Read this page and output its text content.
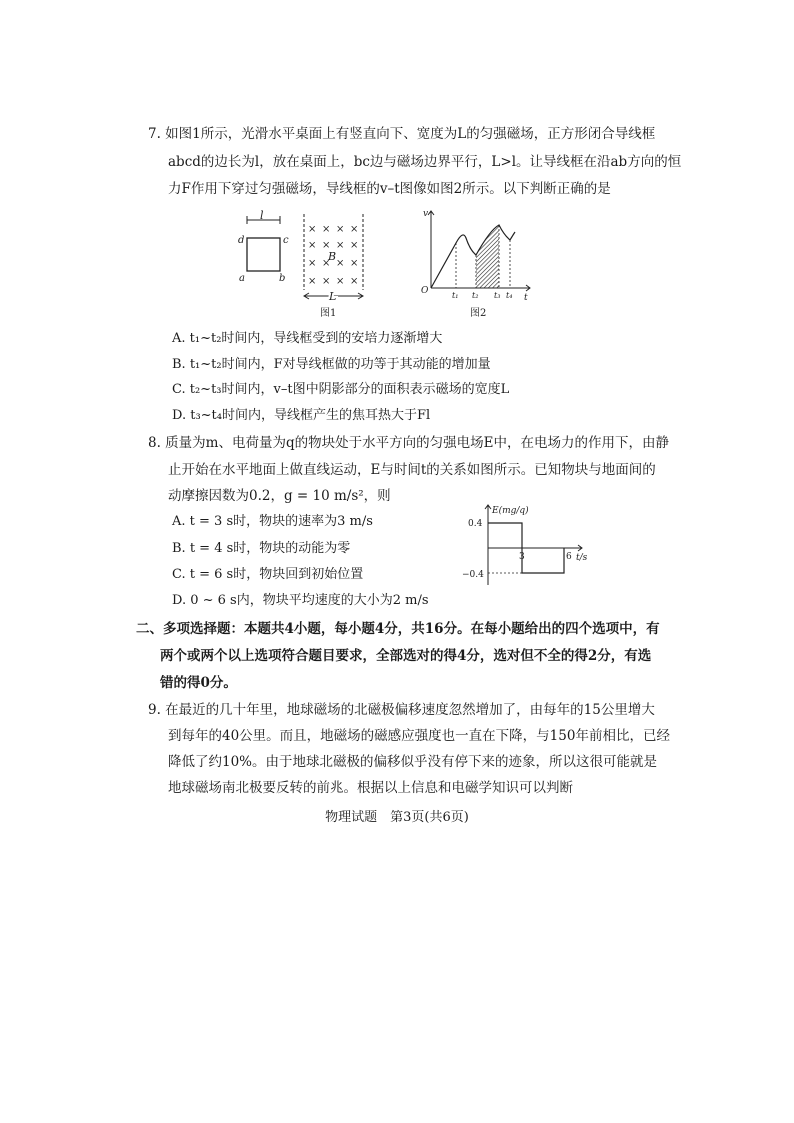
7. 如图1所示，光滑水平桌面上有竖直向下、宽度为L的匀强磁场，正方形闭合导线框
abcd的边长为l，放在桌面上，bc边与磁场边界平行，L>l。让导线框在沿ab方向的恒
力F作用下穿过匀强磁场，导线框的v–t图像如图2所示。以下判断正确的是
l
d	c
a	b
× × × ×
× × × ×
× × × ×
× × × ×
B
L
图1
v
t
O	t₁ t₂ t₃ t₄
图2
A. t₁~t₂时间内，导线框受到的安培力逐渐增大
B. t₁~t₂时间内，F对导线框做的功等于其动能的增加量
C. t₂~t₃时间内，v–t图中阴影部分的面积表示磁场的宽度L
D. t₃~t₄时间内，导线框产生的焦耳热大于Fl
8. 质量为m、电荷量为q的物块处于水平方向的匀强电场E中，在电场力的作用下，由静
止开始在水平地面上做直线运动，E与时间t的关系如图所示。已知物块与地面间的
动摩擦因数为0.2，g = 10 m/s²，则
A. t = 3 s时，物块的速率为3 m/s
B. t = 4 s时，物块的动能为零
C. t = 6 s时，物块回到初始位置
D. 0 ~ 6 s内，物块平均速度的大小为2 m/s
E(mg/q)
t/s
0.4
−0.4
3	6
二、多项选择题：本题共4小题，每小题4分，共16分。在每小题给出的四个选项中，有
两个或两个以上选项符合题目要求，全部选对的得4分，选对但不全的得2分，有选
错的得0分。
9. 在最近的几十年里，地球磁场的北磁极偏移速度忽然增加了，由每年的15公里增大
到每年的40公里。而且，地磁场的磁感应强度也一直在下降，与150年前相比，已经
降低了约10%。由于地球北磁极的偏移似乎没有停下来的迹象，所以这很可能就是
地球磁场南北极要反转的前兆。根据以上信息和电磁学知识可以判断
物理试题　第3页(共6页)
